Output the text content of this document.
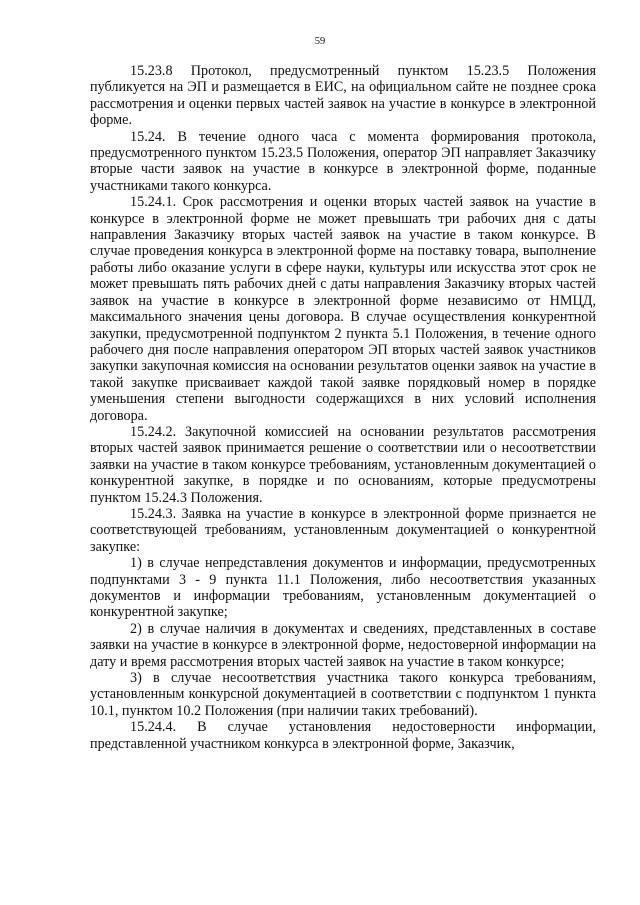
59

15.23.8 Протокол, предусмотренный пунктом 15.23.5 Положения публикуется на ЭП и размещается в ЕИС, на официальном сайте не позднее срока рассмотрения и оценки первых частей заявок на участие в конкурсе в электронной форме.

15.24. В течение одного часа с момента формирования протокола, предусмотренного пунктом 15.23.5 Положения, оператор ЭП направляет Заказчику вторые части заявок на участие в конкурсе в электронной форме, поданные участниками такого конкурса.

15.24.1. Срок рассмотрения и оценки вторых частей заявок на участие в конкурсе в электронной форме не может превышать три рабочих дня с даты направления Заказчику вторых частей заявок на участие в таком конкурсе. В случае проведения конкурса в электронной форме на поставку товара, выполнение работы либо оказание услуги в сфере науки, культуры или искусства этот срок не может превышать пять рабочих дней с даты направления Заказчику вторых частей заявок на участие в конкурсе в электронной форме независимо от НМЦД, максимального значения цены договора. В случае осуществления конкурентной закупки, предусмотренной подпунктом 2 пункта 5.1 Положения, в течение одного рабочего дня после направления оператором ЭП вторых частей заявок участников закупки закупочная комиссия на основании результатов оценки заявок на участие в такой закупке присваивает каждой такой заявке порядковый номер в порядке уменьшения степени выгодности содержащихся в них условий исполнения договора.

15.24.2. Закупочной комиссией на основании результатов рассмотрения вторых частей заявок принимается решение о соответствии или о несоответствии заявки на участие в таком конкурсе требованиям, установленным документацией о конкурентной закупке, в порядке и по основаниям, которые предусмотрены пунктом 15.24.3 Положения.

15.24.3. Заявка на участие в конкурсе в электронной форме признается не соответствующей требованиям, установленным документацией о конкурентной закупке:

1) в случае непредставления документов и информации, предусмотренных подпунктами 3 - 9 пункта 11.1 Положения, либо несоответствия указанных документов и информации требованиям, установленным документацией о конкурентной закупке;

2) в случае наличия в документах и сведениях, представленных в составе заявки на участие в конкурсе в электронной форме, недостоверной информации на дату и время рассмотрения вторых частей заявок на участие в таком конкурсе;

3) в случае несоответствия участника такого конкурса требованиям, установленным конкурсной документацией в соответствии с подпунктом 1 пункта 10.1, пунктом 10.2 Положения (при наличии таких требований).

15.24.4. В случае установления недостоверности информации, представленной участником конкурса в электронной форме, Заказчик,
